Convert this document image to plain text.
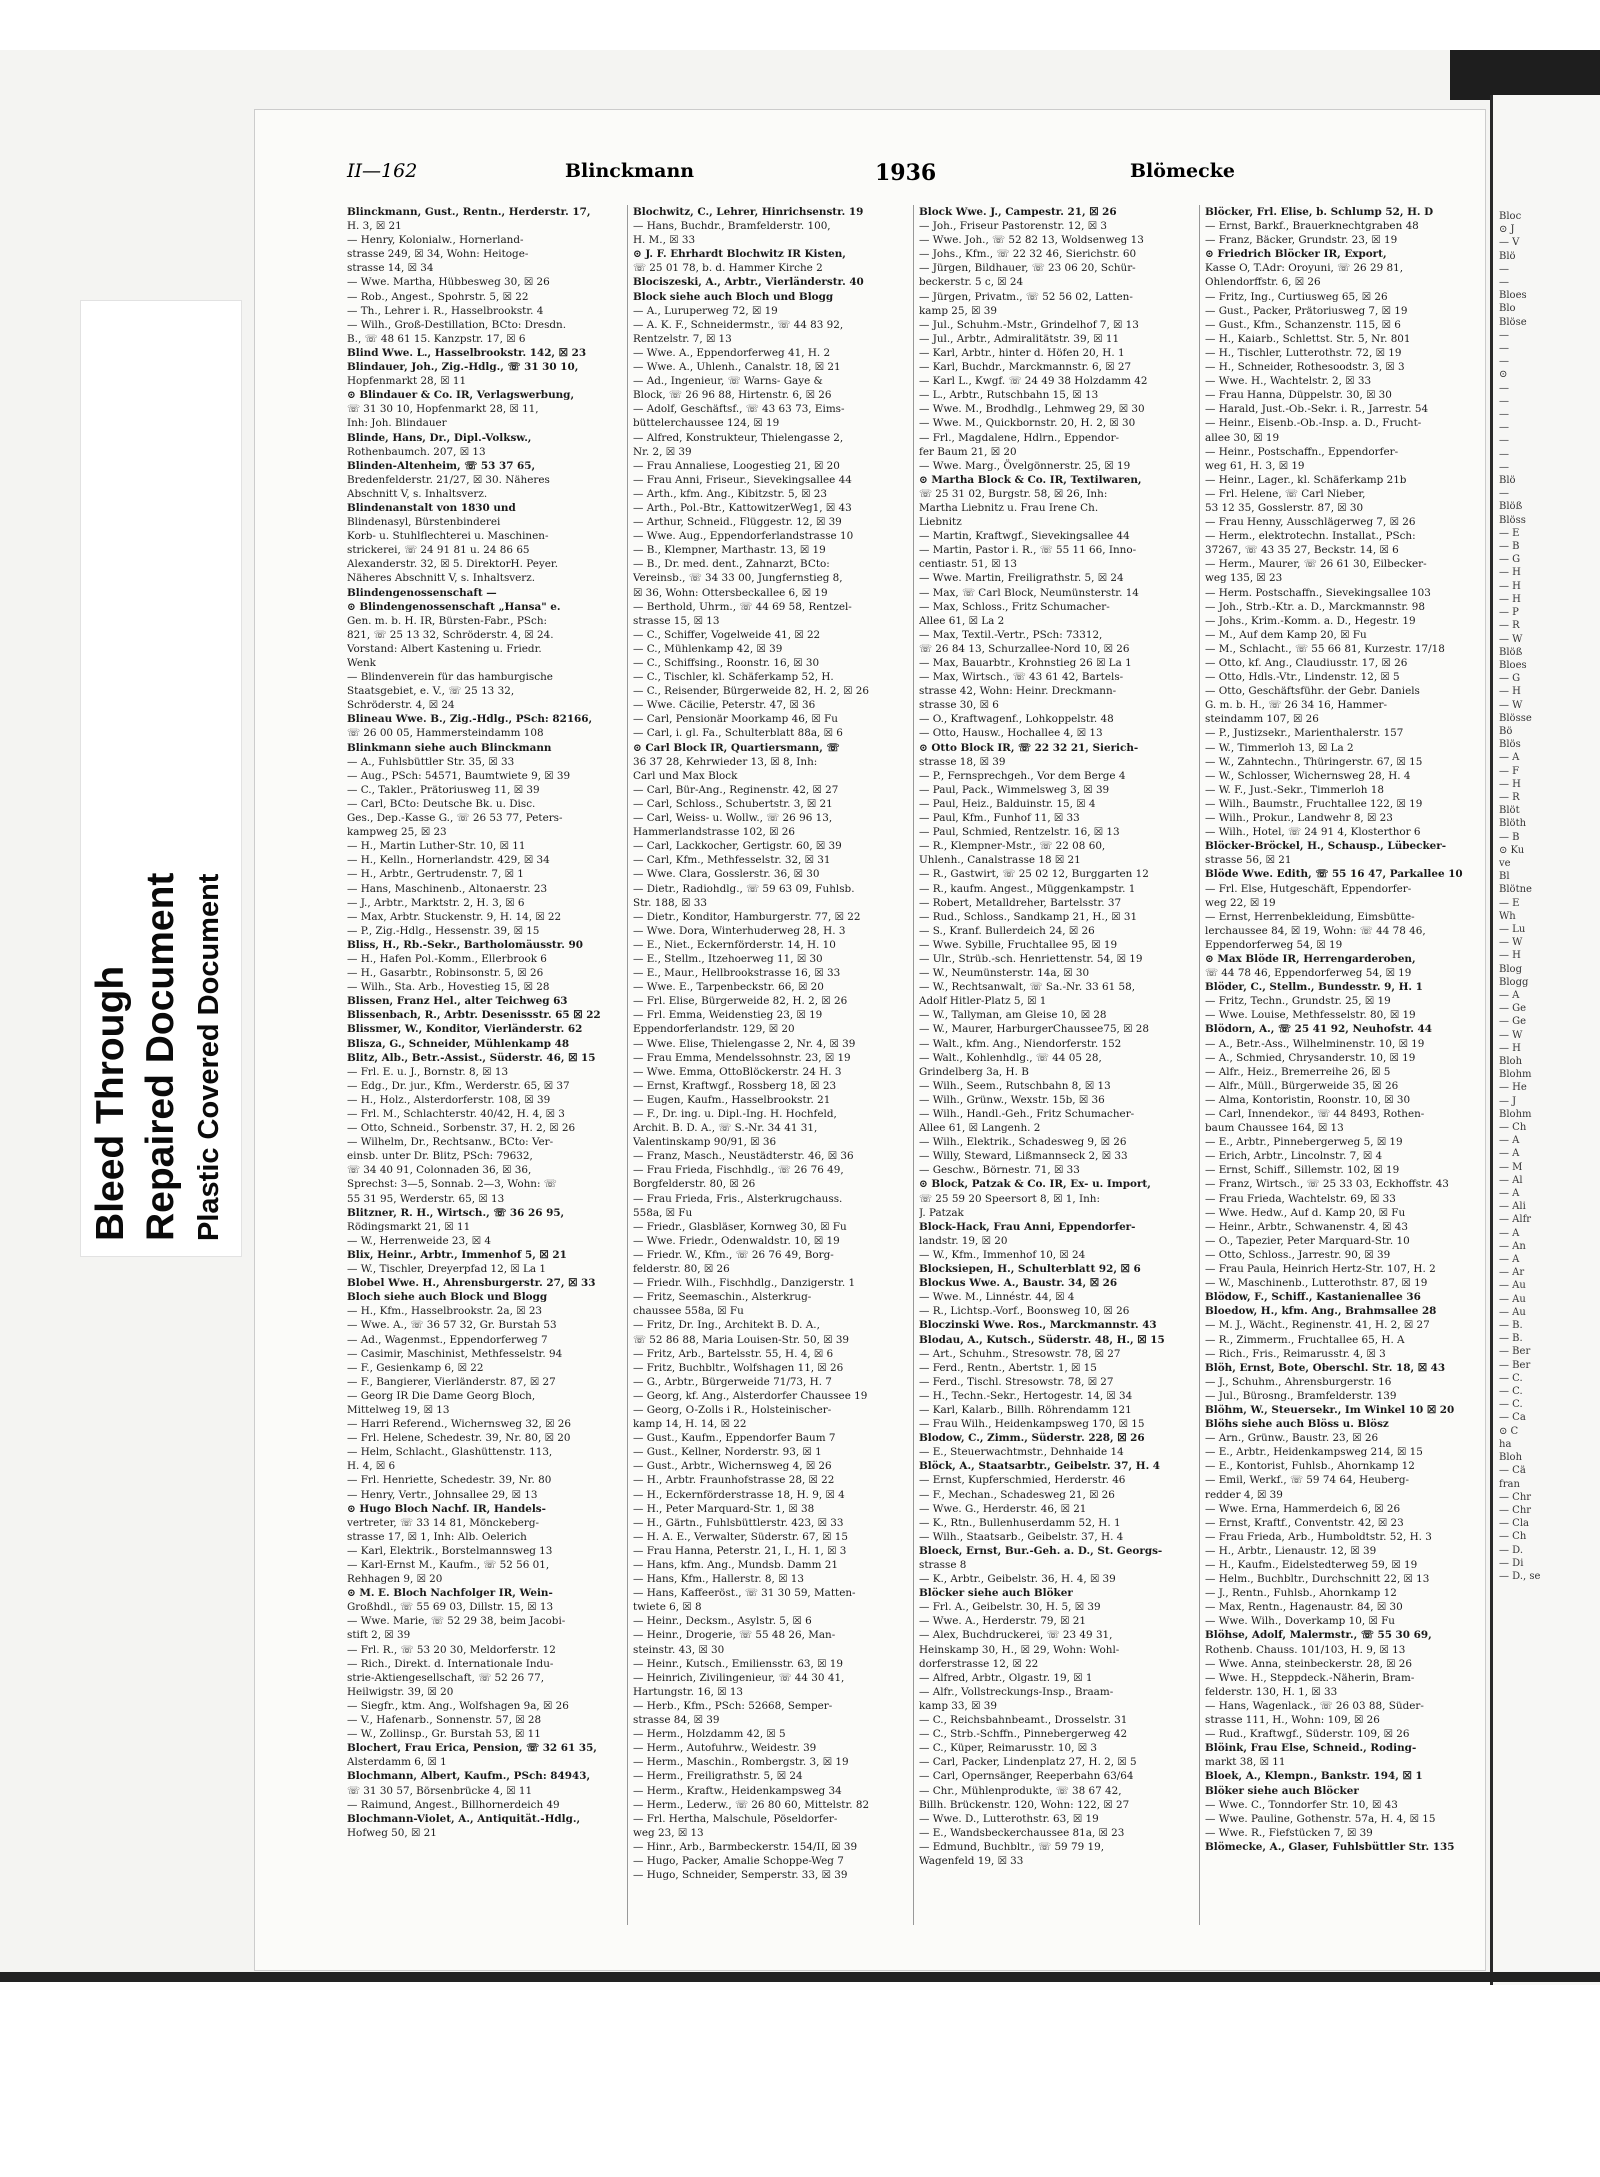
Bloc
⊙ J
— V
Blö
—
—
Bloes
Blo
Blöse
—
—
—
⊙
—
—
—
—
—
—
—
Blö
—
Blöß
Blöss
— E
— B
— G
— H
— H
— H
— P
— R
— W
Blöß
Bloes
— G
— H
— W
Blösse
Bö
Blös
— A
— F
— H
— R
Blöt
Blöth
— B
⊙ Ku
ve
Bl
Blötne
— E
Wh
— Lu
— W
— H
Blog
Blogg
— A
— Ge
— Ge
— W
— H
Bloh
Blohm
— He
— J
Blohm
— Ch
— A
— A
— M
— Al
— A
— Ali
— Alfr
— A
— An
— A
— Ar
— Au
— Au
— Au
— B.
— B.
— Ber
— Ber
— C.
— C.
— C.
— Ca
⊙ C
ha
Bloh
— Cä
fran
— Chr
— Chr
— Cla
— Ch
— D.
— Di
— D., se
Bleed Through Repaired Document Plastic Covered Document
II—162	Blinckmann	1936	Blömecke
Blinckmann, Gust., Rentn., Herderstr. 17,
H. 3, ☒ 21
— Henry, Kolonialw., Hornerland-
strasse 249, ☒ 34, Wohn: Heitoge-
strasse 14, ☒ 34
— Wwe. Martha, Hübbesweg 30, ☒ 26
— Rob., Angest., Spohrstr. 5, ☒ 22
— Th., Lehrer i. R., Hasselbrookstr. 4
— Wilh., Groß-Destillation, BCto: Dresdn.
B., ☏ 48 61 15. Kanzpstr. 17, ☒ 6
Blind Wwe. L., Hasselbrookstr. 142, ☒ 23
Blindauer, Joh., Zig.-Hdlg., ☏ 31 30 10,
Hopfenmarkt 28, ☒ 11
⊙ Blindauer & Co. IR, Verlagswerbung,
☏ 31 30 10, Hopfenmarkt 28, ☒ 11,
Inh: Joh. Blindauer
Blinde, Hans, Dr., Dipl.-Volksw.,
Rothenbaumch. 207, ☒ 13
Blinden-Altenheim, ☏ 53 37 65,
Bredenfelderstr. 21/27, ☒ 30. Näheres
Abschnitt V, s. Inhaltsverz.
Blindenanstalt von 1830 und
Blindenasyl, Bürstenbinderei
Korb- u. Stuhlflechterei u. Maschinen-
strickerei, ☏ 24 91 81 u. 24 86 65
Alexanderstr. 32, ☒ 5. DirektorH. Peyer.
Näheres Abschnitt V, s. Inhaltsverz.
Blindengenossenschaft —
⊙ Blindengenossenschaft „Hansa" e.
Gen. m. b. H. IR, Bürsten-Fabr., PSch:
821, ☏ 25 13 32, Schröderstr. 4, ☒ 24.
Vorstand: Albert Kastening u. Friedr.
Wenk
— Blindenverein für das hamburgische
Staatsgebiet, e. V., ☏ 25 13 32,
Schröderstr. 4, ☒ 24
Blineau Wwe. B., Zig.-Hdlg., PSch: 82166,
☏ 26 00 05, Hammersteindamm 108
Blinkmann siehe auch Blinckmann
— A., Fuhlsbüttler Str. 35, ☒ 33
— Aug., PSch: 54571, Baumtwiete 9, ☒ 39
— C., Takler., Prätoriusweg 11, ☒ 39
— Carl, BCto: Deutsche Bk. u. Disc.
Ges., Dep.-Kasse G., ☏ 26 53 77, Peters-
kampweg 25, ☒ 23
— H., Martin Luther-Str. 10, ☒ 11
— H., Kelln., Hornerlandstr. 429, ☒ 34
— H., Arbtr., Gertrudenstr. 7, ☒ 1
— Hans, Maschinenb., Altonaerstr. 23
— J., Arbtr., Marktstr. 2, H. 3, ☒ 6
— Max, Arbtr. Stuckenstr. 9, H. 14, ☒ 22
— P., Zig.-Hdlg., Hessenstr. 39, ☒ 15
Bliss, H., Rb.-Sekr., Bartholomäusstr. 90
— H., Hafen Pol.-Komm., Ellerbrook 6
— H., Gasarbtr., Robinsonstr. 5, ☒ 26
— Wilh., Sta. Arb., Hovestieg 15, ☒ 28
Blissen, Franz Hel., alter Teichweg 63
Blissenbach, R., Arbtr. Desenissstr. 65 ☒ 22
Blissmer, W., Konditor, Vierländerstr. 62
Blisza, G., Schneider, Mühlenkamp 48
Blitz, Alb., Betr.-Assist., Süderstr. 46, ☒ 15
— Frl. E. u. J., Bornstr. 8, ☒ 13
— Edg., Dr. jur., Kfm., Werderstr. 65, ☒ 37
— H., Holz., Alsterdorferstr. 108, ☒ 39
— Frl. M., Schlachterstr. 40/42, H. 4, ☒ 3
— Otto, Schneid., Sorbenstr. 37, H. 2, ☒ 26
— Wilhelm, Dr., Rechtsanw., BCto: Ver-
einsb. unter Dr. Blitz, PSch: 79632,
☏ 34 40 91, Colonnaden 36, ☒ 36,
Sprechst: 3—5, Sonnab. 2—3, Wohn: ☏
55 31 95, Werderstr. 65, ☒ 13
Blitzner, R. H., Wirtsch., ☏ 36 26 95,
Rödingsmarkt 21, ☒ 11
— W., Herrenweide 23, ☒ 4
Blix, Heinr., Arbtr., Immenhof 5, ☒ 21
— W., Tischler, Dreyerpfad 12, ☒ La 1
Blobel Wwe. H., Ahrensburgerstr. 27, ☒ 33
Bloch siehe auch Block und Blogg
— H., Kfm., Hasselbrookstr. 2a, ☒ 23
— Wwe. A., ☏ 36 57 32, Gr. Burstah 53
— Ad., Wagenmst., Eppendorferweg 7
— Casimir, Maschinist, Methfesselstr. 94
— F., Gesienkamp 6, ☒ 22
— F., Bangierer, Vierländerstr. 87, ☒ 27
— Georg IR Die Dame Georg Bloch,
Mittelweg 19, ☒ 13
— Harri Referend., Wichernsweg 32, ☒ 26
— Frl. Helene, Schedestr. 39, Nr. 80, ☒ 20
— Helm, Schlacht., Glashüttenstr. 113,
H. 4, ☒ 6
— Frl. Henriette, Schedestr. 39, Nr. 80
— Henry, Vertr., Johnsallee 29, ☒ 13
⊙ Hugo Bloch Nachf. IR, Handels-
vertreter, ☏ 33 14 81, Mönckeberg-
strasse 17, ☒ 1, Inh: Alb. Oelerich
— Karl, Elektrik., Borstelmannsweg 13
— Karl-Ernst M., Kaufm., ☏ 52 56 01,
Rehhagen 9, ☒ 20
⊙ M. E. Bloch Nachfolger IR, Wein-
Großhdl., ☏ 55 69 03, Dillstr. 15, ☒ 13
— Wwe. Marie, ☏ 52 29 38, beim Jacobi-
stift 2, ☒ 39
— Frl. R., ☏ 53 20 30, Meldorferstr. 12
— Rich., Direkt. d. Internationale Indu-
strie-Aktiengesellschaft, ☏ 52 26 77,
Heilwigstr. 39, ☒ 20
— Siegfr., ktm. Ang., Wolfshagen 9a, ☒ 26
— V., Hafenarb., Sonnenstr. 57, ☒ 28
— W., Zollinsp., Gr. Burstah 53, ☒ 11
Blochert, Frau Erica, Pension, ☏ 32 61 35,
Alsterdamm 6, ☒ 1
Blochmann, Albert, Kaufm., PSch: 84943,
☏ 31 30 57, Börsenbrücke 4, ☒ 11
— Raimund, Angest., Billhornerdeich 49
Blochmann-Violet, A., Antiquität.-Hdlg.,
Hofweg 50, ☒ 21
Blochwitz, C., Lehrer, Hinrichsenstr. 19
— Hans, Buchdr., Bramfelderstr. 100,
H. M., ☒ 33
⊙ J. F. Ehrhardt Blochwitz IR Kisten,
☏ 25 01 78, b. d. Hammer Kirche 2
Blociszeski, A., Arbtr., Vierländerstr. 40
Block siehe auch Bloch und Blogg
— A., Luruperweg 72, ☒ 19
— A. K. F., Schneidermstr., ☏ 44 83 92,
Rentzelstr. 7, ☒ 13
— Wwe. A., Eppendorferweg 41, H. 2
— Wwe. A., Uhlenh., Canalstr. 18, ☒ 21
— Ad., Ingenieur, ☏ Warns- Gaye &
Block, ☏ 26 96 88, Hirtenstr. 6, ☒ 26
— Adolf, Geschäftsf., ☏ 43 63 73, Eims-
büttelerchaussee 124, ☒ 19
— Alfred, Konstrukteur, Thielengasse 2,
Nr. 2, ☒ 39
— Frau Annaliese, Loogestieg 21, ☒ 20
— Frau Anni, Friseur., Sievekingsallee 44
— Arth., kfm. Ang., Kibitzstr. 5, ☒ 23
— Arth., Pol.-Btr., KattowitzerWeg1, ☒ 43
— Arthur, Schneid., Flüggestr. 12, ☒ 39
— Wwe. Aug., Eppendorferlandstrasse 10
— B., Klempner, Marthastr. 13, ☒ 19
— B., Dr. med. dent., Zahnarzt, BCto:
Vereinsb., ☏ 34 33 00, Jungfernstieg 8,
☒ 36, Wohn: Ottersbeckallee 6, ☒ 19
— Berthold, Uhrm., ☏ 44 69 58, Rentzel-
strasse 15, ☒ 13
— C., Schiffer, Vogelweide 41, ☒ 22
— C., Mühlenkamp 42, ☒ 39
— C., Schiffsing., Roonstr. 16, ☒ 30
— C., Tischler, kl. Schäferkamp 52, H.
— C., Reisender, Bürgerweide 82, H. 2, ☒ 26
— Wwe. Cäcilie, Peterstr. 47, ☒ 36
— Carl, Pensionär Moorkamp 46, ☒ Fu
— Carl, i. gl. Fa., Schulterblatt 88a, ☒ 6
⊙ Carl Block IR, Quartiersmann, ☏
36 37 28, Kehrwieder 13, ☒ 8, Inh:
Carl und Max Block
— Carl, Bür-Ang., Reginenstr. 42, ☒ 27
— Carl, Schloss., Schubertstr. 3, ☒ 21
— Carl, Weiss- u. Wollw., ☏ 26 96 13,
Hammerlandstrasse 102, ☒ 26
— Carl, Lackkocher, Gertigstr. 60, ☒ 39
— Carl, Kfm., Methfesselstr. 32, ☒ 31
— Wwe. Clara, Gosslerstr. 36, ☒ 30
— Dietr., Radiohdlg., ☏ 59 63 09, Fuhlsb.
Str. 188, ☒ 33
— Dietr., Konditor, Hamburgerstr. 77, ☒ 22
— Wwe. Dora, Winterhuderweg 28, H. 3
— E., Niet., Eckernförderstr. 14, H. 10
— E., Stellm., Itzehoerweg 11, ☒ 30
— E., Maur., Hellbrookstrasse 16, ☒ 33
— Wwe. E., Tarpenbeckstr. 66, ☒ 20
— Frl. Elise, Bürgerweide 82, H. 2, ☒ 26
— Frl. Emma, Weidenstieg 23, ☒ 19
Eppendorferlandstr. 129, ☒ 20
— Wwe. Elise, Thielengasse 2, Nr. 4, ☒ 39
— Frau Emma, Mendelssohnstr. 23, ☒ 19
— Wwe. Emma, OttoBlöckerstr. 24 H. 3
— Ernst, Kraftwgf., Rossberg 18, ☒ 23
— Eugen, Kaufm., Hasselbrookstr. 21
— F., Dr. ing. u. Dipl.-Ing. H. Hochfeld,
Archit. B. D. A., ☏ S.-Nr. 34 41 31,
Valentinskamp 90/91, ☒ 36
— Franz, Masch., Neustädterstr. 46, ☒ 36
— Frau Frieda, Fischhdlg., ☏ 26 76 49,
Borgfelderstr. 80, ☒ 26
— Frau Frieda, Fris., Alsterkrugchauss.
558a, ☒ Fu
— Friedr., Glasbläser, Kornweg 30, ☒ Fu
— Wwe. Friedr., Odenwaldstr. 10, ☒ 19
— Friedr. W., Kfm., ☏ 26 76 49, Borg-
felderstr. 80, ☒ 26
— Friedr. Wilh., Fischhdlg., Danzigerstr. 1
— Fritz, Seemaschin., Alsterkrug-
chaussee 558a, ☒ Fu
— Fritz, Dr. Ing., Architekt B. D. A.,
☏ 52 86 88, Maria Louisen-Str. 50, ☒ 39
— Fritz, Arb., Bartelsstr. 55, H. 4, ☒ 6
— Fritz, Buchbltr., Wolfshagen 11, ☒ 26
— G., Arbtr., Bürgerweide 71/73, H. 7
— Georg, kf. Ang., Alsterdorfer Chaussee 19
— Georg, O-Zolls i R., Holsteinischer-
kamp 14, H. 14, ☒ 22
— Gust., Kaufm., Eppendorfer Baum 7
— Gust., Kellner, Norderstr. 93, ☒ 1
— Gust., Arbtr., Wichernsweg 4, ☒ 26
— H., Arbtr. Fraunhofstrasse 28, ☒ 22
— H., Eckernförderstrasse 18, H. 9, ☒ 4
— H., Peter Marquard-Str. 1, ☒ 38
— H., Gärtn., Fuhlsbüttlerstr. 423, ☒ 33
— H. A. E., Verwalter, Süderstr. 67, ☒ 15
— Frau Hanna, Peterstr. 21, I., H. 1, ☒ 3
— Hans, kfm. Ang., Mundsb. Damm 21
— Hans, Kfm., Hallerstr. 8, ☒ 13
— Hans, Kaffeeröst., ☏ 31 30 59, Matten-
twiete 6, ☒ 8
— Heinr., Decksm., Asylstr. 5, ☒ 6
— Heinr., Drogerie, ☏ 55 48 26, Man-
steinstr. 43, ☒ 30
— Heinr., Kutsch., Emiliensstr. 63, ☒ 19
— Heinrich, Zivilingenieur, ☏ 44 30 41,
Hartungstr. 16, ☒ 13
— Herb., Kfm., PSch: 52668, Semper-
strasse 84, ☒ 39
— Herm., Holzdamm 42, ☒ 5
— Herm., Autofuhrw., Weidestr. 39
— Herm., Maschin., Rombergstr. 3, ☒ 19
— Herm., Freiligrathstr. 5, ☒ 24
— Herm., Kraftw., Heidenkampsweg 34
— Herm., Lederw., ☏ 26 80 60, Mittelstr. 82
— Frl. Hertha, Malschule, Pöseldorfer-
weg 23, ☒ 13
— Hinr., Arb., Barmbeckerstr. 154/II, ☒ 39
— Hugo, Packer, Amalie Schoppe-Weg 7
— Hugo, Schneider, Semperstr. 33, ☒ 39
Block Wwe. J., Campestr. 21, ☒ 26
— Joh., Friseur Pastorenstr. 12, ☒ 3
— Wwe. Joh., ☏ 52 82 13, Woldsenweg 13
— Johs., Kfm., ☏ 22 32 46, Sierichstr. 60
— Jürgen, Bildhauer, ☏ 23 06 20, Schür-
beckerstr. 5 c, ☒ 24
— Jürgen, Privatm., ☏ 52 56 02, Latten-
kamp 25, ☒ 39
— Jul., Schuhm.-Mstr., Grindelhof 7, ☒ 13
— Jul., Arbtr., Admiralitätstr. 39, ☒ 11
— Karl, Arbtr., hinter d. Höfen 20, H. 1
— Karl, Buchdr., Marckmannstr. 6, ☒ 27
— Karl L., Kwgf. ☏ 24 49 38 Holzdamm 42
— L., Arbtr., Rutschbahn 15, ☒ 13
— Wwe. M., Brodhdlg., Lehmweg 29, ☒ 30
— Wwe. M., Quickbornstr. 20, H. 2, ☒ 30
— Frl., Magdalene, Hdlrn., Eppendor-
fer Baum 21, ☒ 20
— Wwe. Marg., Övelgönnerstr. 25, ☒ 19
⊙ Martha Block & Co. IR, Textilwaren,
☏ 25 31 02, Burgstr. 58, ☒ 26, Inh:
Martha Liebnitz u. Frau Irene Ch.
Liebnitz
— Martin, Kraftwgf., Sievekingsallee 44
— Martin, Pastor i. R., ☏ 55 11 66, Inno-
centiastr. 51, ☒ 13
— Wwe. Martin, Freiligrathstr. 5, ☒ 24
— Max, ☏ Carl Block, Neumünsterstr. 14
— Max, Schloss., Fritz Schumacher-
Allee 61, ☒ La 2
— Max, Textil.-Vertr., PSch: 73312,
☏ 26 84 13, Schurzallee-Nord 10, ☒ 26
— Max, Bauarbtr., Krohnstieg 26 ☒ La 1
— Max, Wirtsch., ☏ 43 61 42, Bartels-
strasse 42, Wohn: Heinr. Dreckmann-
strasse 30, ☒ 6
— O., Kraftwagenf., Lohkoppelstr. 48
— Otto, Hausw., Hochallee 4, ☒ 13
⊙ Otto Block IR, ☏ 22 32 21, Sierich-
strasse 18, ☒ 39
— P., Fernsprechgeh., Vor dem Berge 4
— Paul, Pack., Wimmelsweg 3, ☒ 39
— Paul, Heiz., Balduinstr. 15, ☒ 4
— Paul, Kfm., Funhof 11, ☒ 33
— Paul, Schmied, Rentzelstr. 16, ☒ 13
— R., Klempner-Mstr., ☏ 22 08 60,
Uhlenh., Canalstrasse 18 ☒ 21
— R., Gastwirt, ☏ 25 02 12, Burggarten 12
— R., kaufm. Angest., Müggenkampstr. 1
— Robert, Metalldreher, Bartelsstr. 37
— Rud., Schloss., Sandkamp 21, H., ☒ 31
— S., Kranf. Bullerdeich 24, ☒ 26
— Wwe. Sybille, Fruchtallee 95, ☒ 19
— Ulr., Strüb.-sch. Henriettenstr. 54, ☒ 19
— W., Neumünsterstr. 14a, ☒ 30
— W., Rechtsanwalt, ☏ Sa.-Nr. 33 61 58,
Adolf Hitler-Platz 5, ☒ 1
— W., Tallyman, am Gleise 10, ☒ 28
— W., Maurer, HarburgerChaussee75, ☒ 28
— Walt., kfm. Ang., Niendorferstr. 152
— Walt., Kohlenhdlg., ☏ 44 05 28,
Grindelberg 3a, H. B
— Wilh., Seem., Rutschbahn 8, ☒ 13
— Wilh., Grünw., Wexstr. 15b, ☒ 36
— Wilh., Handl.-Geh., Fritz Schumacher-
Allee 61, ☒ Langenh. 2
— Wilh., Elektrik., Schadesweg 9, ☒ 26
— Willy, Steward, Lißmannseck 2, ☒ 33
— Geschw., Börnestr. 71, ☒ 33
⊙ Block, Patzak & Co. IR, Ex- u. Import,
☏ 25 59 20 Speersort 8, ☒ 1, Inh:
J. Patzak
Block-Hack, Frau Anni, Eppendorfer-
landstr. 19, ☒ 20
— W., Kfm., Immenhof 10, ☒ 24
Blocksiepen, H., Schulterblatt 92, ☒ 6
Blockus Wwe. A., Baustr. 34, ☒ 26
— Wwe. M., Linnéstr. 44, ☒ 4
— R., Lichtsp.-Vorf., Boonsweg 10, ☒ 26
Bloczinski Wwe. Ros., Marckmannstr. 43
Blodau, A., Kutsch., Süderstr. 48, H., ☒ 15
— Art., Schuhm., Stresowstr. 78, ☒ 27
— Ferd., Rentn., Abertstr. 1, ☒ 15
— Ferd., Tischl. Stresowstr. 78, ☒ 27
— H., Techn.-Sekr., Hertogestr. 14, ☒ 34
— Karl, Kalarb., Billh. Röhrendamm 121
— Frau Wilh., Heidenkampsweg 170, ☒ 15
Blodow, C., Zimm., Süderstr. 228, ☒ 26
— E., Steuerwachtmstr., Dehnhaide 14
Blöck, A., Staatsarbtr., Geibelstr. 37, H. 4
— Ernst, Kupferschmied, Herderstr. 46
— F., Mechan., Schadesweg 21, ☒ 26
— Wwe. G., Herderstr. 46, ☒ 21
— K., Rtn., Bullenhuserdamm 52, H. 1
— Wilh., Staatsarb., Geibelstr. 37, H. 4
Bloeck, Ernst, Bur.-Geh. a. D., St. Georgs-
strasse 8
— K., Arbtr., Geibelstr. 36, H. 4, ☒ 39
Blöcker siehe auch Blöker
— Frl. A., Geibelstr. 30, H. 5, ☒ 39
— Wwe. A., Herderstr. 79, ☒ 21
— Alex, Buchdruckerei, ☏ 23 49 31,
Heinskamp 30, H., ☒ 29, Wohn: Wohl-
dorferstrasse 12, ☒ 22
— Alfred, Arbtr., Olgastr. 19, ☒ 1
— Alfr., Vollstreckungs-Insp., Braam-
kamp 33, ☒ 39
— C., Reichsbahnbeamt., Drosselstr. 31
— C., Strb.-Schffn., Pinnebergerweg 42
— C., Küper, Reimarusstr. 10, ☒ 3
— Carl, Packer, Lindenplatz 27, H. 2, ☒ 5
— Carl, Opernsänger, Reeperbahn 63/64
— Chr., Mühlenprodukte, ☏ 38 67 42,
Billh. Brückenstr. 120, Wohn: 122, ☒ 27
— Wwe. D., Lutterothstr. 63, ☒ 19
— E., Wandsbeckerchaussee 81a, ☒ 23
— Edmund, Buchbltr., ☏ 59 79 19,
Wagenfeld 19, ☒ 33
Blöcker, Frl. Elise, b. Schlump 52, H. D
— Ernst, Barkf., Brauerknechtgraben 48
— Franz, Bäcker, Grundstr. 23, ☒ 19
⊙ Friedrich Blöcker IR, Export,
Kasse O, T.Adr: Oroyuni, ☏ 26 29 81,
Ohlendorffstr. 6, ☒ 26
— Fritz, Ing., Curtiusweg 65, ☒ 26
— Gust., Packer, Prätoriusweg 7, ☒ 19
— Gust., Kfm., Schanzenstr. 115, ☒ 6
— H., Kaiarb., Schlettst. Str. 5, Nr. 801
— H., Tischler, Lutterothstr. 72, ☒ 19
— H., Schneider, Rothesoodstr. 3, ☒ 3
— Wwe. H., Wachtelstr. 2, ☒ 33
— Frau Hanna, Düppelstr. 30, ☒ 30
— Harald, Just.-Ob.-Sekr. i. R., Jarrestr. 54
— Heinr., Eisenb.-Ob.-Insp. a. D., Frucht-
allee 30, ☒ 19
— Heinr., Postschaffn., Eppendorfer-
weg 61, H. 3, ☒ 19
— Heinr., Lager., kl. Schäferkamp 21b
— Frl. Helene, ☏ Carl Nieber,
53 12 35, Gosslerstr. 87, ☒ 30
— Frau Henny, Ausschlägerweg 7, ☒ 26
— Herm., elektrotechn. Installat., PSch:
37267, ☏ 43 35 27, Beckstr. 14, ☒ 6
— Herm., Maurer, ☏ 26 61 30, Eilbecker-
weg 135, ☒ 23
— Herm. Postschaffn., Sievekingsallee 103
— Joh., Strb.-Ktr. a. D., Marckmannstr. 98
— Johs., Krim.-Komm. a. D., Hegestr. 19
— M., Auf dem Kamp 20, ☒ Fu
— M., Schlacht., ☏ 55 66 81, Kurzestr. 17/18
— Otto, kf. Ang., Claudiusstr. 17, ☒ 26
— Otto, Hdls.-Vtr., Lindenstr. 12, ☒ 5
— Otto, Geschäftsführ. der Gebr. Daniels
G. m. b. H., ☏ 26 34 16, Hammer-
steindamm 107, ☒ 26
— P., Justizsekr., Marienthalerstr. 157
— W., Timmerloh 13, ☒ La 2
— W., Zahntechn., Thüringerstr. 67, ☒ 15
— W., Schlosser, Wichernsweg 28, H. 4
— W. F., Just.-Sekr., Timmerloh 18
— Wilh., Baumstr., Fruchtallee 122, ☒ 19
— Wilh., Prokur., Landwehr 8, ☒ 23
— Wilh., Hotel, ☏ 24 91 4, Klosterthor 6
Blöcker-Bröckel, H., Schausp., Lübecker-
strasse 56, ☒ 21
Blöde Wwe. Edith, ☏ 55 16 47, Parkallee 10
— Frl. Else, Hutgeschäft, Eppendorfer-
weg 22, ☒ 19
— Ernst, Herrenbekleidung, Eimsbütte-
lerchaussee 84, ☒ 19, Wohn: ☏ 44 78 46,
Eppendorferweg 54, ☒ 19
⊙ Max Blöde IR, Herrengarderoben,
☏ 44 78 46, Eppendorferweg 54, ☒ 19
Blöder, C., Stellm., Bundesstr. 9, H. 1
— Fritz, Techn., Grundstr. 25, ☒ 19
— Wwe. Louise, Methfesselstr. 80, ☒ 19
Blödorn, A., ☏ 25 41 92, Neuhofstr. 44
— A., Betr.-Ass., Wilhelminenstr. 10, ☒ 19
— A., Schmied, Chrysanderstr. 10, ☒ 19
— Alfr., Heiz., Bremerreihe 26, ☒ 5
— Alfr., Müll., Bürgerweide 35, ☒ 26
— Alma, Kontoristin, Roonstr. 10, ☒ 30
— Carl, Innendekor., ☏ 44 8493, Rothen-
baum Chaussee 164, ☒ 13
— E., Arbtr., Pinnebergerweg 5, ☒ 19
— Erich, Arbtr., Lincolnstr. 7, ☒ 4
— Ernst, Schiff., Sillemstr. 102, ☒ 19
— Franz, Wirtsch., ☏ 25 33 03, Eckhoffstr. 43
— Frau Frieda, Wachtelstr. 69, ☒ 33
— Wwe. Hedw., Auf d. Kamp 20, ☒ Fu
— Heinr., Arbtr., Schwanenstr. 4, ☒ 43
— O., Tapezier, Peter Marquard-Str. 10
— Otto, Schloss., Jarrestr. 90, ☒ 39
— Frau Paula, Heinrich Hertz-Str. 107, H. 2
— W., Maschinenb., Lutterothstr. 87, ☒ 19
Blödow, F., Schiff., Kastanienallee 36
Bloedow, H., kfm. Ang., Brahmsallee 28
— M. J., Wächt., Reginenstr. 41, H. 2, ☒ 27
— R., Zimmerm., Fruchtallee 65, H. A
— Rich., Fris., Reimarusstr. 4, ☒ 3
Blöh, Ernst, Bote, Oberschl. Str. 18, ☒ 43
— J., Schuhm., Ahrensburgerstr. 16
— Jul., Bürosng., Bramfelderstr. 139
Blöhm, W., Steuersekr., Im Winkel 10 ☒ 20
Blöhs siehe auch Blöss u. Blösz
— Arn., Grünw., Baustr. 23, ☒ 26
— E., Arbtr., Heidenkampsweg 214, ☒ 15
— E., Kontorist, Fuhlsb., Ahornkamp 12
— Emil, Werkf., ☏ 59 74 64, Heuberg-
redder 4, ☒ 39
— Wwe. Erna, Hammerdeich 6, ☒ 26
— Ernst, Kraftf., Conventstr. 42, ☒ 23
— Frau Frieda, Arb., Humboldtstr. 52, H. 3
— H., Arbtr., Lienaustr. 12, ☒ 39
— H., Kaufm., Eidelstedterweg 59, ☒ 19
— Helm., Buchbltr., Durchschnitt 22, ☒ 13
— J., Rentn., Fuhlsb., Ahornkamp 12
— Max, Rentn., Hagenaustr. 84, ☒ 30
— Wwe. Wilh., Doverkamp 10, ☒ Fu
Blöhse, Adolf, Malermstr., ☏ 55 30 69,
Rothenb. Chauss. 101/103, H. 9, ☒ 13
— Wwe. Anna, steinbeckerstr. 28, ☒ 26
— Wwe. H., Steppdeck.-Näherin, Bram-
felderstr. 130, H. 1, ☒ 33
— Hans, Wagenlack., ☏ 26 03 88, Süder-
strasse 111, H., Wohn: 109, ☒ 26
— Rud., Kraftwgf., Süderstr. 109, ☒ 26
Blöink, Frau Else, Schneid., Roding-
markt 38, ☒ 11
Bloek, A., Klempn., Bankstr. 194, ☒ 1
Blöker siehe auch Blöcker
— Wwe. C., Tonndorfer Str. 10, ☒ 43
— Wwe. Pauline, Gothenstr. 57a, H. 4, ☒ 15
— Wwe. R., Fiefstücken 7, ☒ 39
Blömecke, A., Glaser, Fuhlsbüttler Str. 135
